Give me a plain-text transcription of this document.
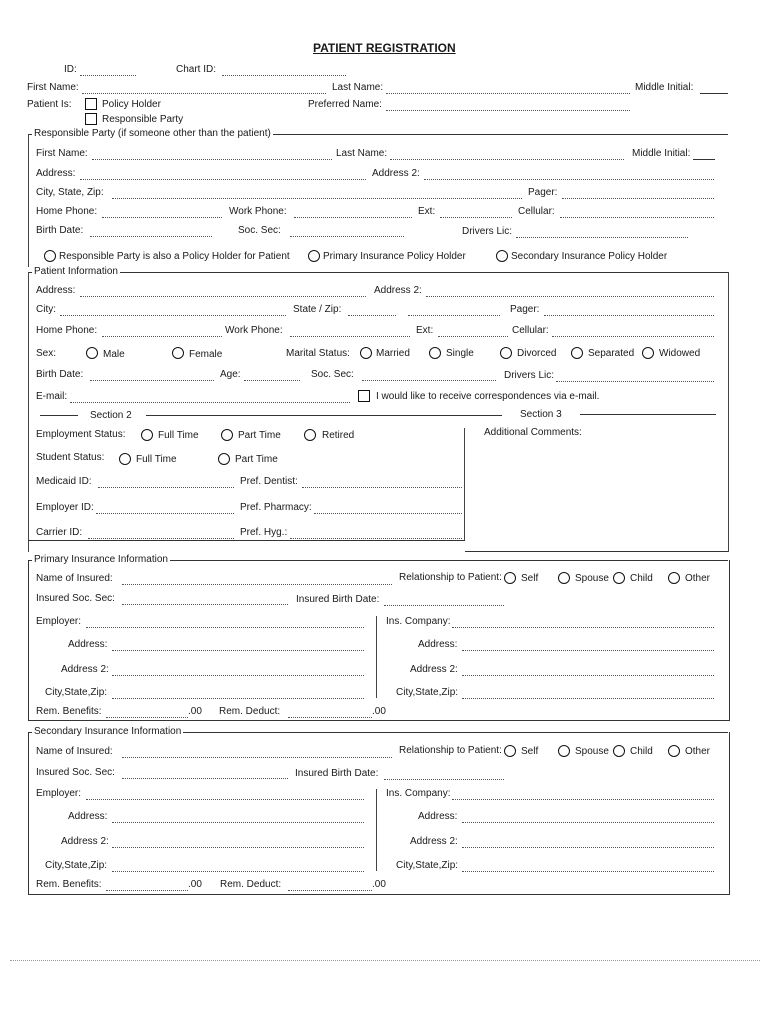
PATIENT REGISTRATION
ID:	Chart ID:
First Name:	Last Name:	Middle Initial:
Patient Is:	Policy Holder
Responsible Party
Preferred Name:
Responsible Party (if someone other than the patient)
First Name:	Last Name:	Middle Initial:
Address:	Address 2:
City, State, Zip:	Pager:
Home Phone:	Work Phone:	Ext:	Cellular:
Birth Date:	Soc. Sec:	Drivers Lic:
Responsible Party is also a Policy Holder for Patient	Primary Insurance Policy Holder	Secondary Insurance Policy Holder
Patient Information
Address:	Address 2:
City:	State / Zip:	Pager:
Home Phone:	Work Phone:	Ext:	Cellular:
Sex:	Male	Female	Marital Status:	Married	Single	Divorced	Separated Widowed
Birth Date:	Age:	Soc. Sec:	Drivers Lic:
E-mail:	I would like to receive correspondences via e-mail.
Section 2	Section 3
Employment Status:	Full Time	Part Time	Retired
Student Status:	Full Time	Part Time
Medicaid ID:	Pref. Dentist:
Employer ID:	Pref. Pharmacy:
Carrier ID:	Pref. Hyg.:
Additional Comments:
Primary Insurance Information
Name of Insured:	Relationship to Patient: Self	Spouse Child	Other
Insured Soc. Sec:	Insured Birth Date:
Employer:	Ins. Company:
Address:	Address:
Address 2:	Address 2:
City,State,Zip:	City,State,Zip:
Rem. Benefits:	.00 Rem. Deduct:	.00
Secondary Insurance Information
Name of Insured:	Relationship to Patient: Self	Spouse Child	Other
Insured Soc. Sec:	Insured Birth Date:
Employer:	Ins. Company:
Address:	Address:
Address 2:	Address 2:
City,State,Zip:	City,State,Zip:
Rem. Benefits:	.00 Rem. Deduct:	.00
